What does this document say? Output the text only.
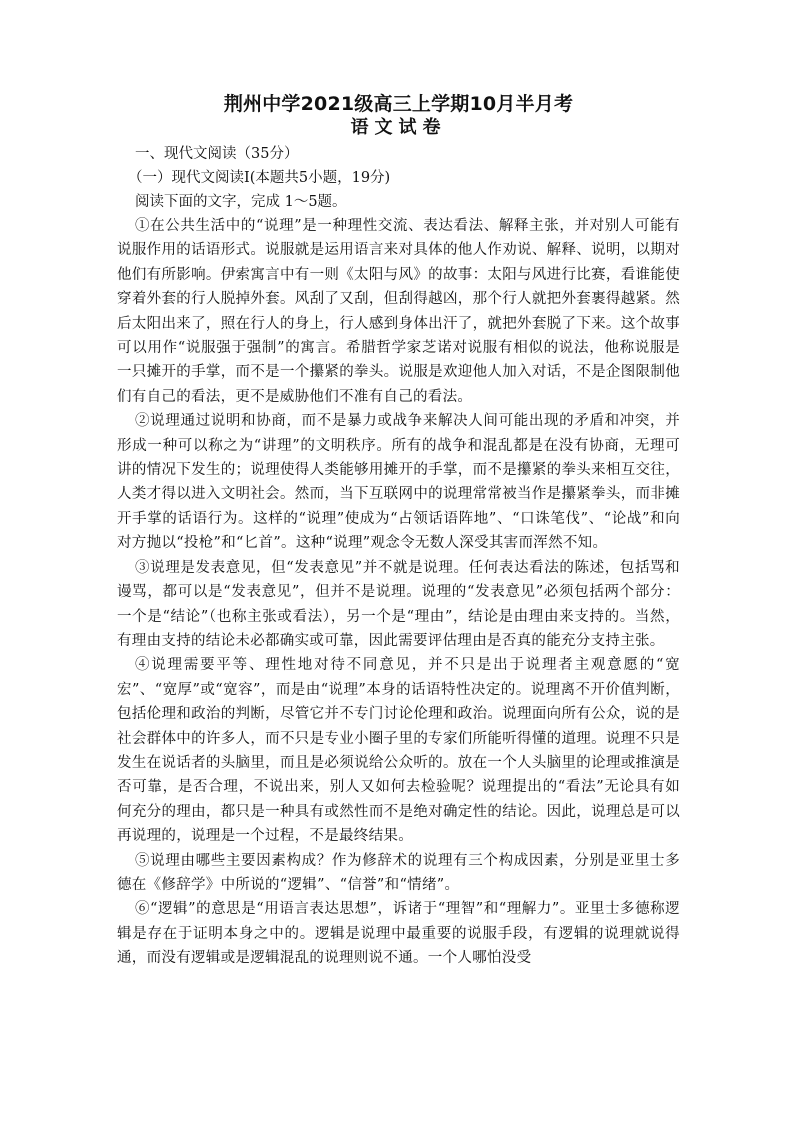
荆州中学2021级高三上学期10月半月考
语文试卷

一、现代文阅读（35分）

（一）现代文阅读I(本题共5小题，19分)

阅读下面的文字，完成 1～5题。

①在公共生活中的“说理”是一种理性交流、表达看法、解释主张，并对别人可能有说服作用的话语形式。说服就是运用语言来对具体的他人作劝说、解释、说明，以期对他们有所影响。伊索寓言中有一则《太阳与风》的故事：太阳与风进行比赛，看谁能使穿着外套的行人脱掉外套。风刮了又刮，但刮得越凶，那个行人就把外套裹得越紧。然后太阳出来了，照在行人的身上，行人感到身体出汗了，就把外套脱了下来。这个故事可以用作“说服强于强制”的寓言。希腊哲学家芝诺对说服有相似的说法，他称说服是一只摊开的手掌，而不是一个攥紧的拳头。说服是欢迎他人加入对话，不是企图限制他们有自己的看法，更不是威胁他们不准有自己的看法。

②说理通过说明和协商，而不是暴力或战争来解决人间可能出现的矛盾和冲突，并形成一种可以称之为“讲理”的文明秩序。所有的战争和混乱都是在没有协商，无理可讲的情况下发生的；说理使得人类能够用摊开的手掌，而不是攥紧的拳头来相互交往，人类才得以进入文明社会。然而，当下互联网中的说理常常被当作是攥紧拳头，而非摊开手掌的话语行为。这样的“说理”使成为“占领话语阵地”、“口诛笔伐”、“论战”和向对方抛以“投枪”和“匕首”。这种“说理”观念令无数人深受其害而浑然不知。

③说理是发表意见，但“发表意见”并不就是说理。任何表达看法的陈述，包括骂和谩骂，都可以是“发表意见”，但并不是说理。说理的“发表意见”必须包括两个部分：一个是“结论”（也称主张或看法），另一个是“理由”，结论是由理由来支持的。当然，有理由支持的结论未必都确实或可靠，因此需要评估理由是否真的能充分支持主张。

④说理需要平等、理性地对待不同意见，并不只是出于说理者主观意愿的“宽宏”、“宽厚”或“宽容”，而是由“说理”本身的话语特性决定的。说理离不开价值判断，包括伦理和政治的判断，尽管它并不专门讨论伦理和政治。说理面向所有公众，说的是社会群体中的许多人，而不只是专业小圈子里的专家们所能听得懂的道理。说理不只是发生在说话者的头脑里，而且是必须说给公众听的。放在一个人头脑里的论理或推演是否可靠，是否合理，不说出来，别人又如何去检验呢？说理提出的“看法”无论具有如何充分的理由，都只是一种具有或然性而不是绝对确定性的结论。因此，说理总是可以再说理的，说理是一个过程，不是最终结果。

⑤说理由哪些主要因素构成？作为修辞术的说理有三个构成因素，分别是亚里士多德在《修辞学》中所说的“逻辑”、“信誉”和“情绪”。

⑥“逻辑”的意思是“用语言表达思想”，诉诸于“理智”和“理解力”。亚里士多德称逻辑是存在于证明本身之中的。逻辑是说理中最重要的说服手段，有逻辑的说理就说得通，而没有逻辑或是逻辑混乱的说理则说不通。一个人哪怕没受
